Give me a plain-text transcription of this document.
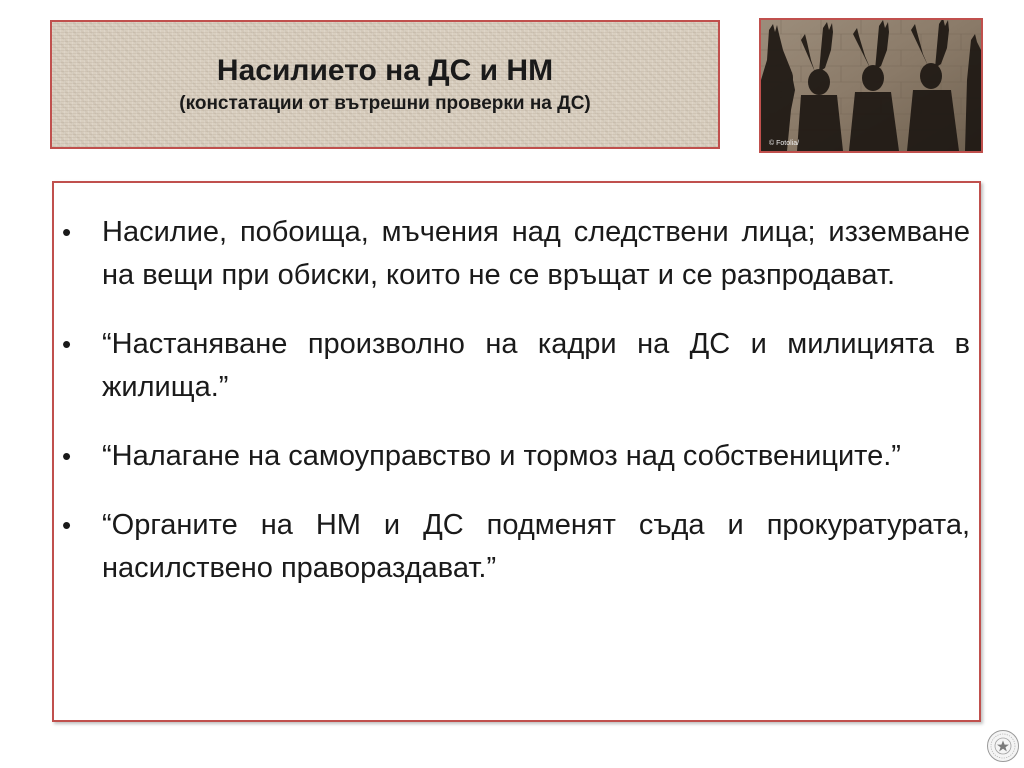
Насилието на ДС и НМ
(констатации от вътрешни проверки на ДС)
© Fotolia/
•	Насилие, побоища, мъчения над следствени лица; изземване на вещи при обиски, които не се връщат и се разпродават.
•	“Настаняване произволно на кадри на ДС и милицията в жилища.”
•	“Налагане на самоуправство и тормоз над собствениците.”
•	“Органите на НМ и ДС подменят съда и прокуратурата, насилствено правораздават.”
